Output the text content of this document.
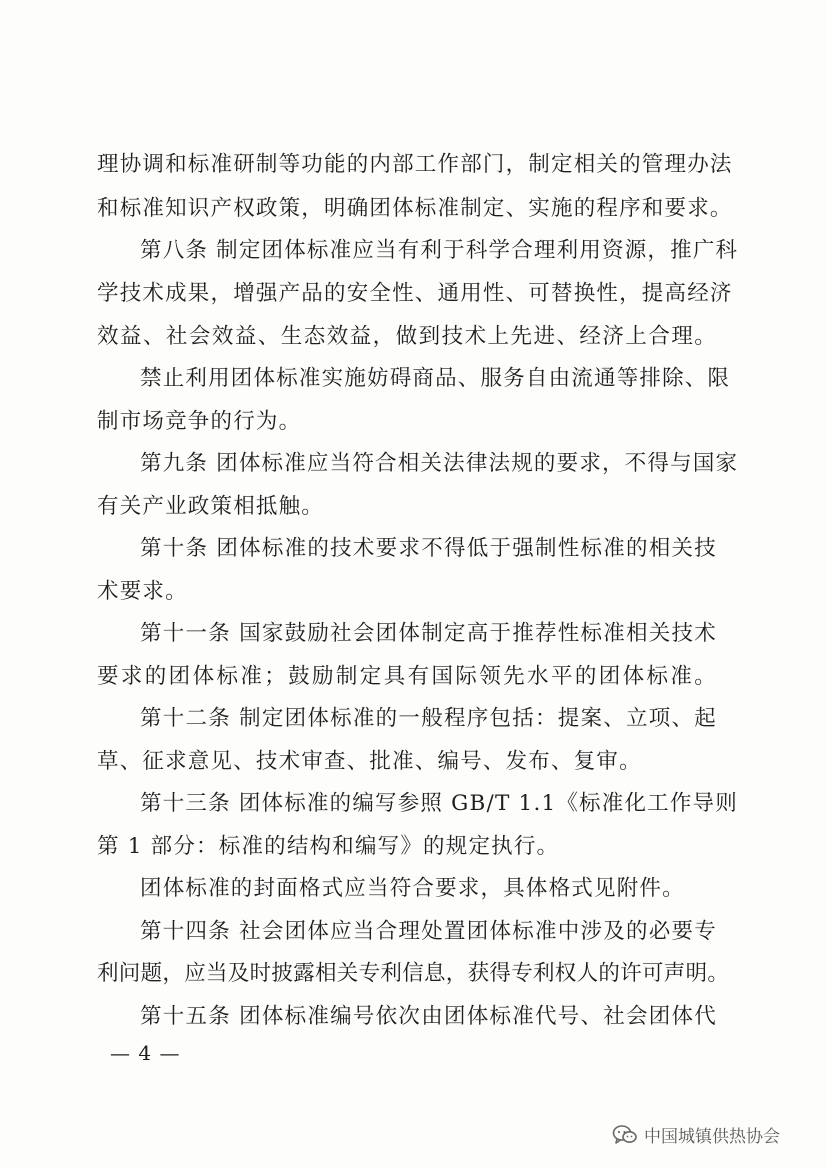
理协调和标准研制等功能的内部工作部门，制定相关的管理办法
和标准知识产权政策，明确团体标准制定、实施的程序和要求。
第八条 制定团体标准应当有利于科学合理利用资源，推广科
学技术成果，增强产品的安全性、通用性、可替换性，提高经济
效益、社会效益、生态效益，做到技术上先进、经济上合理。
禁止利用团体标准实施妨碍商品、服务自由流通等排除、限
制市场竞争的行为。
第九条 团体标准应当符合相关法律法规的要求，不得与国家
有关产业政策相抵触。
第十条 团体标准的技术要求不得低于强制性标准的相关技
术要求。
第十一条 国家鼓励社会团体制定高于推荐性标准相关技术
要求的团体标准；鼓励制定具有国际领先水平的团体标准。
第十二条 制定团体标准的一般程序包括：提案、立项、起
草、征求意见、技术审查、批准、编号、发布、复审。
第十三条 团体标准的编写参照 GB/T 1.1《标准化工作导则
第 1 部分：标准的结构和编写》的规定执行。
团体标准的封面格式应当符合要求，具体格式见附件。
第十四条 社会团体应当合理处置团体标准中涉及的必要专
利问题，应当及时披露相关专利信息，获得专利权人的许可声明。
第十五条 团体标准编号依次由团体标准代号、社会团体代
— 4 —
中国城镇供热协会
